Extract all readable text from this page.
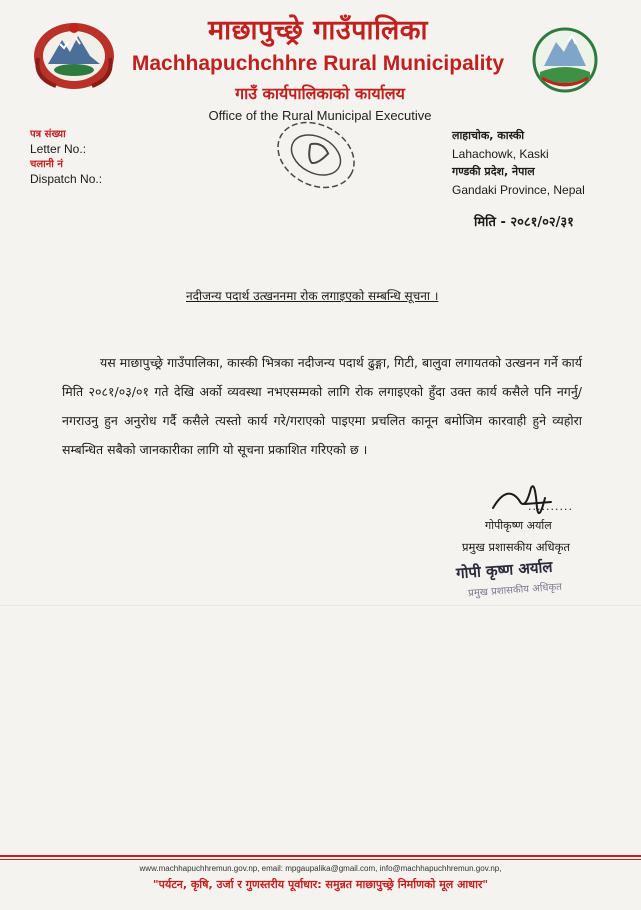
माछापुच्छ्रे गाउँपालिका
Machhapuchchhre Rural Municipality
गाउँ कार्यपालिकाको कार्यालय
Office of the Rural Municipal Executive
पत्र संख्या
Letter No.:
चलानी नं
Dispatch No.:
लाहाचोक, कास्की
Lahachowk, Kaski
गण्डकी प्रदेश, नेपाल
Gandaki Province, Nepal
मिति - २०८१/०२/३१
नदीजन्य पदार्थ उत्खननमा रोक लगाइएको सम्बन्धि सूचना ।
यस माछापुच्छ्रे गाउँपालिका, कास्की भित्रका नदीजन्य पदार्थ ढुङ्गा, गिटी, बालुवा लगायतको उत्खनन गर्ने कार्य मिति २०८१/०३/०१ गते देखि अर्को व्यवस्था नभएसम्मको लागि रोक लगाइएको हुँदा उक्त कार्य कसैले पनि नगर्नु/नगराउनु हुन अनुरोध गर्दै कसैले त्यस्तो कार्य गरे/गराएको पाइएमा प्रचलित कानून बमोजिम कारवाही हुने व्यहोरा सम्बन्धित सबैको जानकारीका लागि यो सूचना प्रकाशित गरिएको छ ।
..........
गोपीकृष्ण अर्याल
प्रमुख प्रशासकीय अधिकृत
गोपी कृष्ण अर्याल
प्रमुख प्रशासकीय अधिकृत
www.machhapuchhremun.gov.np, email: mpgaupalika@gmail.com, info@machhapuchhremun.gov.np,
"पर्यटन, कृषि, उर्जा र गुणस्तरीय पूर्वाधार: समुन्नत माछापुच्छ्रे निर्माणको मूल आधार"
